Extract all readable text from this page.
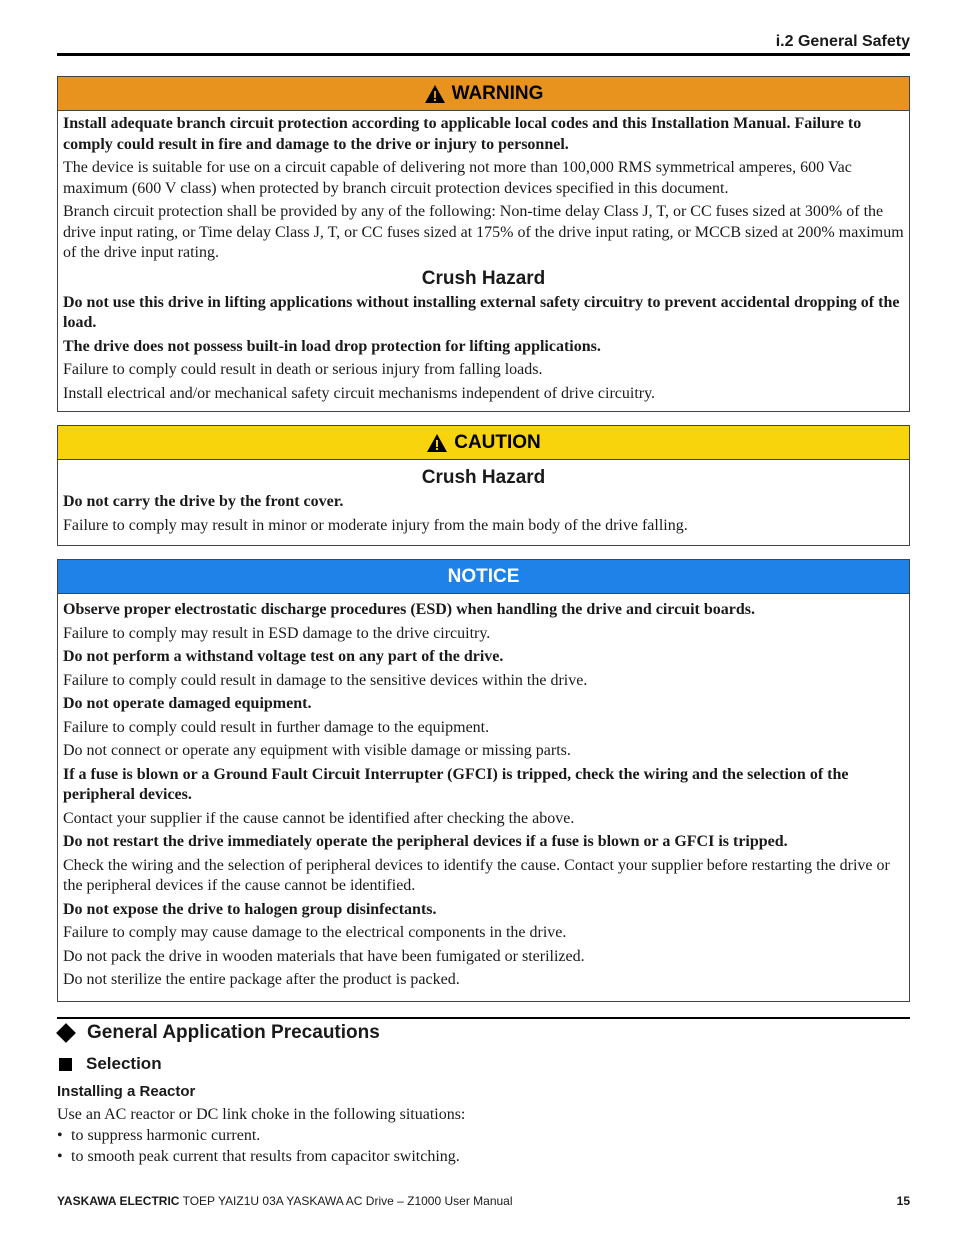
i.2 General Safety
WARNING
Install adequate branch circuit protection according to applicable local codes and this Installation Manual. Failure to comply could result in fire and damage to the drive or injury to personnel.
The device is suitable for use on a circuit capable of delivering not more than 100,000 RMS symmetrical amperes, 600 Vac maximum (600 V class) when protected by branch circuit protection devices specified in this document.
Branch circuit protection shall be provided by any of the following: Non-time delay Class J, T, or CC fuses sized at 300% of the drive input rating, or Time delay Class J, T, or CC fuses sized at 175% of the drive input rating, or MCCB sized at 200% maximum of the drive input rating.
Crush Hazard
Do not use this drive in lifting applications without installing external safety circuitry to prevent accidental dropping of the load.
The drive does not possess built-in load drop protection for lifting applications.
Failure to comply could result in death or serious injury from falling loads.
Install electrical and/or mechanical safety circuit mechanisms independent of drive circuitry.
CAUTION
Crush Hazard
Do not carry the drive by the front cover.
Failure to comply may result in minor or moderate injury from the main body of the drive falling.
NOTICE
Observe proper electrostatic discharge procedures (ESD) when handling the drive and circuit boards.
Failure to comply may result in ESD damage to the drive circuitry.
Do not perform a withstand voltage test on any part of the drive.
Failure to comply could result in damage to the sensitive devices within the drive.
Do not operate damaged equipment.
Failure to comply could result in further damage to the equipment.
Do not connect or operate any equipment with visible damage or missing parts.
If a fuse is blown or a Ground Fault Circuit Interrupter (GFCI) is tripped, check the wiring and the selection of the peripheral devices.
Contact your supplier if the cause cannot be identified after checking the above.
Do not restart the drive immediately operate the peripheral devices if a fuse is blown or a GFCI is tripped.
Check the wiring and the selection of peripheral devices to identify the cause. Contact your supplier before restarting the drive or the peripheral devices if the cause cannot be identified.
Do not expose the drive to halogen group disinfectants.
Failure to comply may cause damage to the electrical components in the drive.
Do not pack the drive in wooden materials that have been fumigated or sterilized.
Do not sterilize the entire package after the product is packed.
General Application Precautions
Selection
Installing a Reactor
Use an AC reactor or DC link choke in the following situations:
• to suppress harmonic current.
• to smooth peak current that results from capacitor switching.
YASKAWA ELECTRIC TOEP YAIZ1U 03A YASKAWA AC Drive – Z1000 User Manual	15
